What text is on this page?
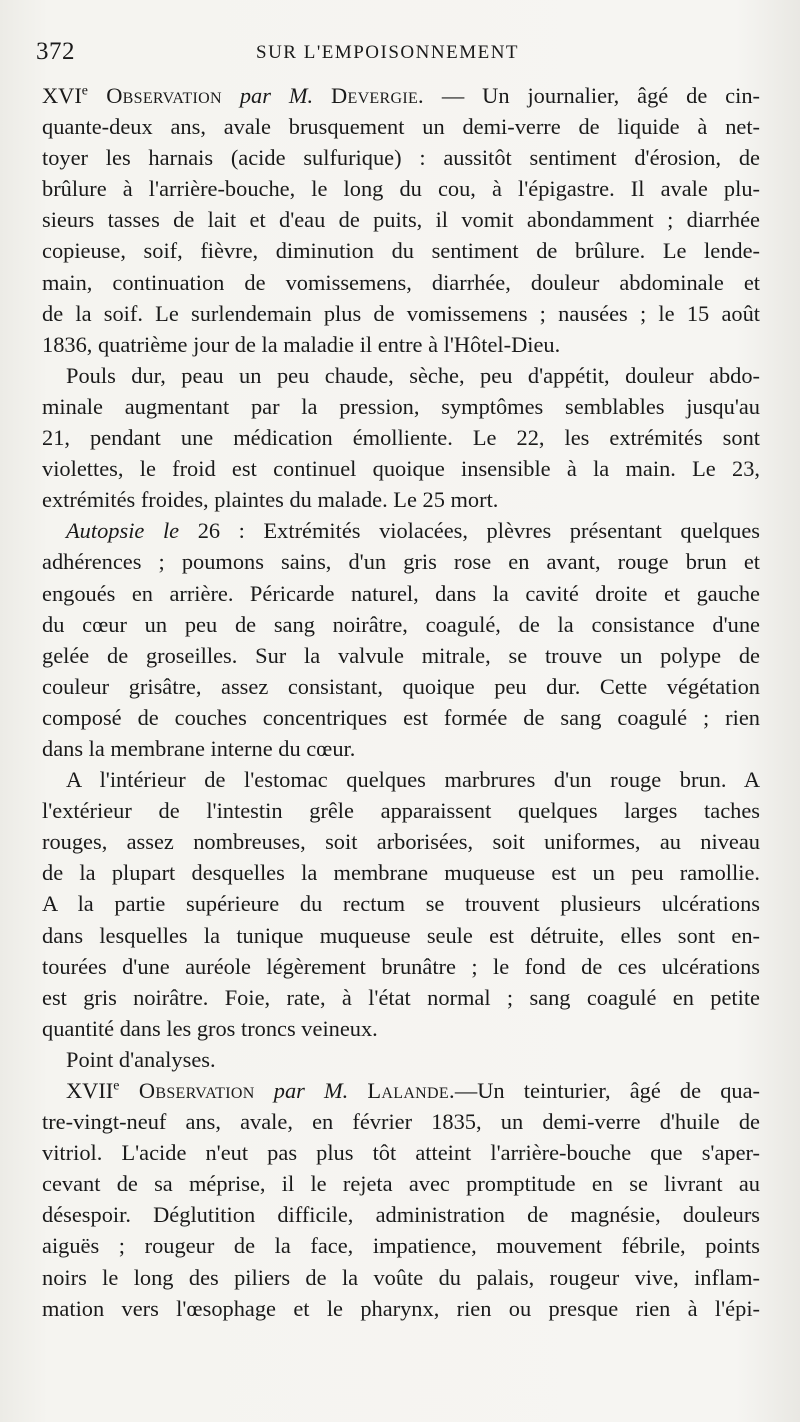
372	SUR L'EMPOISONNEMENT
XVIe Observation par M. Devergie. — Un journalier, âgé de cin-
quante-deux ans, avale brusquement un demi-verre de liquide à net-
toyer les harnais (acide sulfurique) : aussitôt sentiment d'érosion, de
brûlure à l'arrière-bouche, le long du cou, à l'épigastre. Il avale plu-
sieurs tasses de lait et d'eau de puits, il vomit abondamment ; diarrhée
copieuse, soif, fièvre, diminution du sentiment de brûlure. Le lende-
main, continuation de vomissemens, diarrhée, douleur abdominale et
de la soif. Le surlendemain plus de vomissemens ; nausées ; le 15 août
1836, quatrième jour de la maladie il entre à l'Hôtel-Dieu.
Pouls dur, peau un peu chaude, sèche, peu d'appétit, douleur abdo-
minale augmentant par la pression, symptômes semblables jusqu'au
21, pendant une médication émolliente. Le 22, les extrémités sont
violettes, le froid est continuel quoique insensible à la main. Le 23,
extrémités froides, plaintes du malade. Le 25 mort.
Autopsie le 26 : Extrémités violacées, plèvres présentant quelques
adhérences ; poumons sains, d'un gris rose en avant, rouge brun et
engoués en arrière. Péricarde naturel, dans la cavité droite et gauche
du cœur un peu de sang noirâtre, coagulé, de la consistance d'une
gelée de groseilles. Sur la valvule mitrale, se trouve un polype de
couleur grisâtre, assez consistant, quoique peu dur. Cette végétation
composé de couches concentriques est formée de sang coagulé ; rien
dans la membrane interne du cœur.
A l'intérieur de l'estomac quelques marbrures d'un rouge brun. A
l'extérieur de l'intestin grêle apparaissent quelques larges taches
rouges, assez nombreuses, soit arborisées, soit uniformes, au niveau
de la plupart desquelles la membrane muqueuse est un peu ramollie.
A la partie supérieure du rectum se trouvent plusieurs ulcérations
dans lesquelles la tunique muqueuse seule est détruite, elles sont en-
tourées d'une auréole légèrement brunâtre ; le fond de ces ulcérations
est gris noirâtre. Foie, rate, à l'état normal ; sang coagulé en petite
quantité dans les gros troncs veineux.
Point d'analyses.
XVIIe Observation par M. Lalande.—Un teinturier, âgé de qua-
tre-vingt-neuf ans, avale, en février 1835, un demi-verre d'huile de
vitriol. L'acide n'eut pas plus tôt atteint l'arrière-bouche que s'aper-
cevant de sa méprise, il le rejeta avec promptitude en se livrant au
désespoir. Déglutition difficile, administration de magnésie, douleurs
aiguës ; rougeur de la face, impatience, mouvement fébrile, points
noirs le long des piliers de la voûte du palais, rougeur vive, inflam-
mation vers l'œsophage et le pharynx, rien ou presque rien à l'épi-
